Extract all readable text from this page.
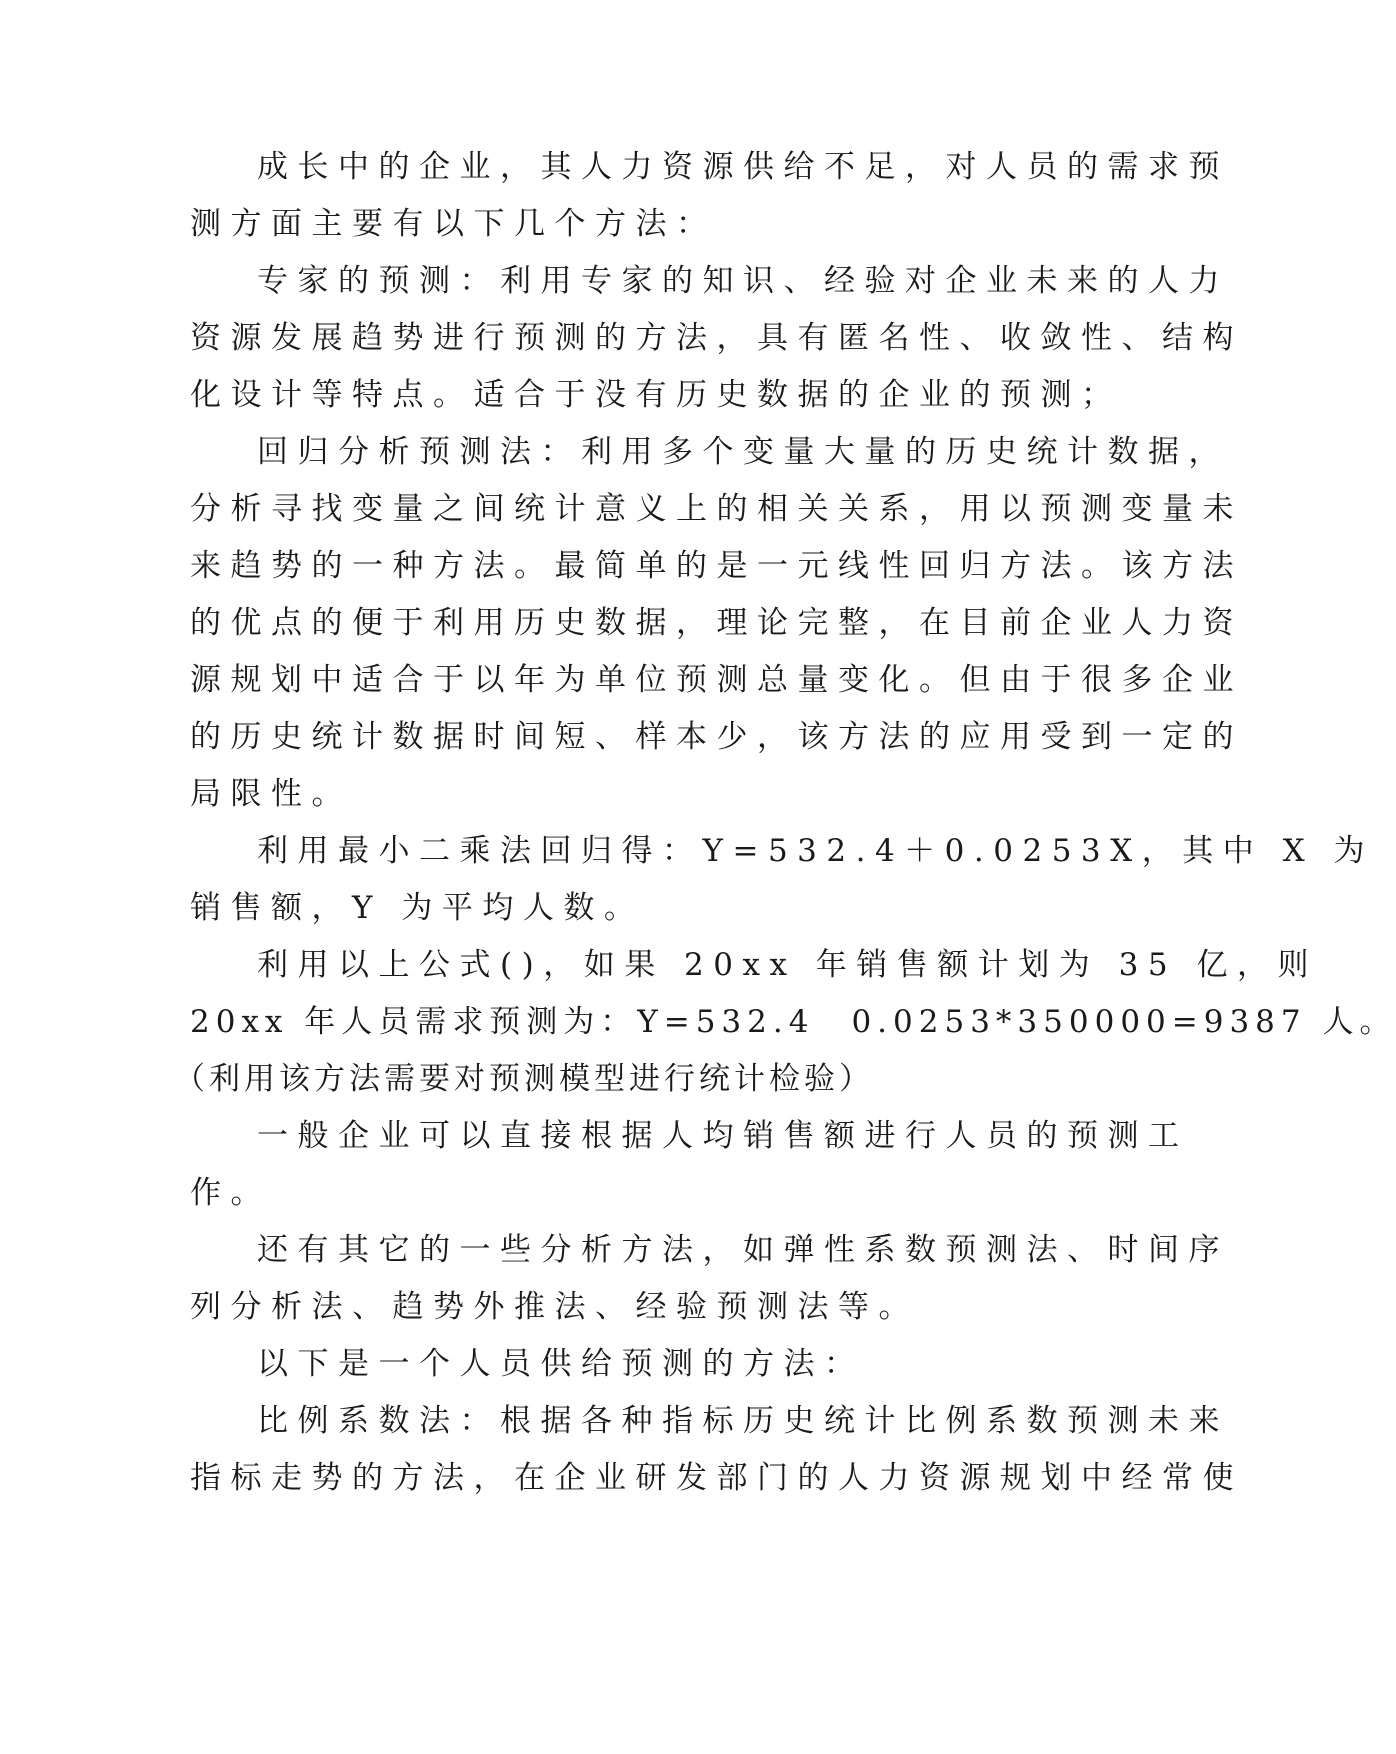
成长中的企业，其人力资源供给不足，对人员的需求预
测方面主要有以下几个方法：
专家的预测：利用专家的知识、经验对企业未来的人力
资源发展趋势进行预测的方法，具有匿名性、收敛性、结构
化设计等特点。适合于没有历史数据的企业的预测；
回归分析预测法：利用多个变量大量的历史统计数据，
分析寻找变量之间统计意义上的相关关系，用以预测变量未
来趋势的一种方法。最简单的是一元线性回归方法。该方法
的优点的便于利用历史数据，理论完整，在目前企业人力资
源规划中适合于以年为单位预测总量变化。但由于很多企业
的历史统计数据时间短、样本少，该方法的应用受到一定的
局限性。
利用最小二乘法回归得：Y=532.4＋0.0253X，其中 X 为
销售额，Y 为平均人数。
利用以上公式()，如果 20xx 年销售额计划为 35 亿，则
20xx 年人员需求预测为：Y=532.4　0.0253*350000=9387 人。
（利用该方法需要对预测模型进行统计检验）
一般企业可以直接根据人均销售额进行人员的预测工
作。
还有其它的一些分析方法，如弹性系数预测法、时间序
列分析法、趋势外推法、经验预测法等。
以下是一个人员供给预测的方法：
比例系数法：根据各种指标历史统计比例系数预测未来
指标走势的方法，在企业研发部门的人力资源规划中经常使
